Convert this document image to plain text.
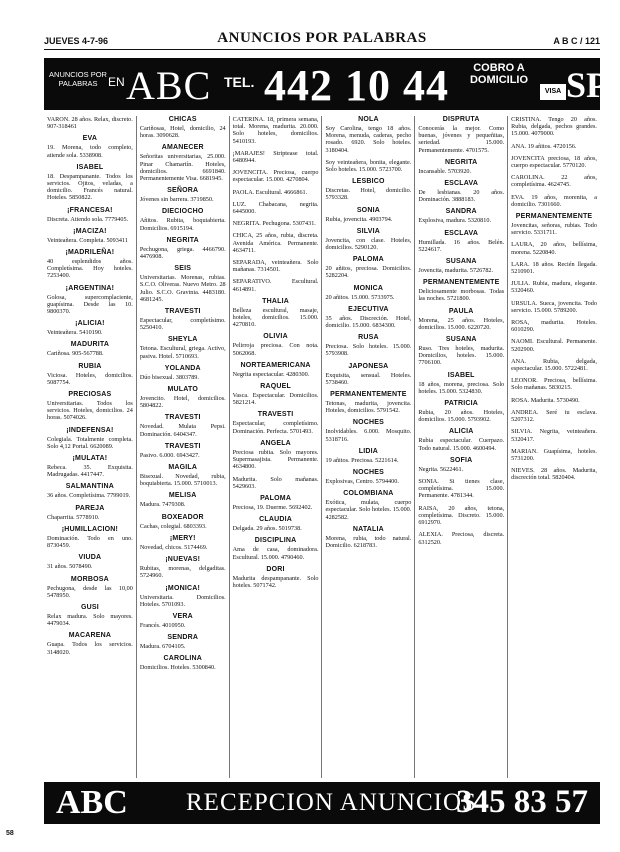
JUEVES 4-7-96	ANUNCIOS POR PALABRAS	A B C / 121
ANUNCIOS POR PALABRAS EN ABC TEL. 442 10 44	COBRO A DOMICILIO
VISA SP
VARON. 28 años. Relax, discreto. 907-318461
EVA
19. Morena, todo completo, atiende sola. 5338908.
ISABEL
18. Despampanante. Todos los servicios. Ojitos, veladas, a domicilio. Francés natural. Hoteles. 5850822.
¡FRANCESA!
Discreta. Atiendo sola. 7779405.
¡MACIZA!
Veinteañera. Completa. 5093411
¡MADRILEÑA!
40 esplendidos años. Completísima. Hoy hoteles. 7253400.
¡ARGENTINA!
Golosa, supercomplaciente, guapísima. Desde las 10. 9800370.
¡ALICIA!
Veinteañera. 5410190.
MADURITA
Cariñosa. 905-567788.
RUBIA
Viciosa. Hoteles, domicilios. 5087754.
PRECIOSAS
Universitarias. Todos los servicios. Hoteles, domicilios. 24 horas. 5074026.
¡INDEFENSA!
Colegiala. Totalmente completa. Solo 4,12 Portal. 6620089.
¡MULATA!
Rebeca. 35. Exquisita. Madrugadas. 4417447.
SALMANTINA
36 años. Completísima. 7799019.
PAREJA
Chaparrita. 5778910.
¡HUMILLACION!
Dominación. Todo en uno. 8730459.
VIUDA
31 años. 5078490.
MORBOSA
Pechugona, desde las 10,00 5478950.
GUSI
Relax madura. Solo mayores. 4479034.
MACARENA
Guapa. Todos los servicios. 3148020.
CHICAS
Cariñosas, Hotel, domicilio, 24 horas. 3090628.
AMANECER
Señoritas universitarias, 25.000. Pinar Chamartín. Hoteles, domicilios. 6691840. Permanentemente Visa. 6681945.
SEÑORA
Jóvenes sin barrera. 3719850.
DIECIOCHO
Añitos. Rubita, boquiabierta. Domicilios. 6915194.
NEGRITA
Pechugona, griega. 4466790. 4476908.
SEIS
Universitarias. Morenas, rubias. S.C.O. Oliveras. Nuevo Metro. 28 Julio. S.C.O. Gravinia. 4483180. 4681245.
TRAVESTI
Espectacular, completísimo. 5250410.
SHEYLA
Tetona. Escultural, griega. Activo, pasiva. Hotel. 5710693.
YOLANDA
Dúo bisexual. 3803789.
MULATO
Jovencito. Hotel, domicilios. 5804822.
TRAVESTI
Novedad. Mulata Pepsi. Dominación. 6404347.
TRAVESTI
Pasivo. 6.000. 6943427.
MAGILA
Bisexual. Novedad, rubia, boquiabierta. 15.000. 5710013.
MELISA
Madura. 7479308.
BOXEADOR
Cachas, colegial. 6803393.
¡MERY!
Novedad, chicos. 5174469.
¡NUEVAS!
Rubitas, morenas, delgaditas. 5724960.
¡MONICA!
Universitaria. Domicilios. Hoteles. 5701093.
VERA
Francés. 4010950.
SENDRA
Madura. 6704105.
CAROLINA
Domicilios. Hoteles. 5300840.
CATERINA. 18, primera semana, total. Morena, madurita. 20.000. Solo hoteles, domicilios. 5410193.
¡MARAJES! Striptease total. 6480944.
JOVENCITA. Preciosa, cuerpo espectacular. 15.000. 4270804.
PAOLA. Escultural. 4666861.
LUZ. Chabacana, negrita. 6445000.
NEGRITA. Pechugona. 5307431.
CHICA, 25 años, rubia, discreta. Avenida América. Permanente. 4634711.
SEPARADA, veinteañera. Solo mañanas. 7314501.
SEPARATIVO. Escultural. 4614891.
THALIA
Belleza escultural, masaje, hoteles, domicilios. 15.000. 4270810.
OLIVIA
Pelirroja preciosa. Con nota. 5062068.
NORTEAMERICANA
Negrita espectacular. 4280300.
RAQUEL
Vasca. Espectacular. Domicilios. 5821214.
TRAVESTI
Espectacular, completísimo. Dominación. Perfecta. 5701493.
ANGELA
Preciosa rubita. Solo mayores. Supermasajista. Permanente. 4634800.
Madurita. Solo mañanas. 5429603.
PALOMA
Preciosa, 19. Duerme. 5692402.
CLAUDIA
Delgada. 29 años. 5019738.
DISCIPLINA
Ama de casa, dominadora. Escultural. 15.000. 4790460.
DORI
Madurita despampanante. Solo hoteles. 5071742.
NOLA
Soy Carolina, tengo 18 años. Morena, menuda, caderas, pecho rosado. 6920. Solo hoteles. 3180404.
Soy veinteañera, bonita, elegante. Solo hoteles. 15.000. 5723700.
LESBICO
Discretas. Hotel, domicilio. 5793328.
SONIA
Rubia, jovencita. 4903794.
SILVIA
Jovencita, con clase. Hoteles, domicilios. 5290120.
PALOMA
20 añitos, preciosa. Domicilios. 5282204.
MONICA
20 añitos. 15.000. 5733975.
EJECUTIVA
35 años. Discreción. Hotel, domicilio. 15.000. 6834300.
RUSA
Preciosa. Solo hoteles. 15.000. 5793908.
JAPONESA
Exquisita, sensual. Hoteles. 5738460.
PERMANENTEMENTE
Tetonas, madurita, jovencita. Hoteles, domicilios. 5791542.
NOCHES
Inolvidables. 6.000. Mosquito. 5318716.
LIDIA
19 añitos. Preciosa. 5221614.
NOCHES
Explosivas, Centro. 5794400.
COLOMBIANA
Exótica, mulata, cuerpo espectacular. Solo hoteles. 15.000. 4282582.
NATALIA
Morena, rubia, todo natural. Domicilio. 6218783.
DISPRUTA
Conocerás la mejor. Como buenas, jóvenes y pequeñitas, seriedad. 15.000. Permanentemente. 4701575.
NEGRITA
Incansable. 5703920.
ESCLAVA
De lesbianas. 20 años. Dominación. 3888183.
SANDRA
Explosiva, madura. 5320810.
ESCLAVA
Humillada. 16 años. Belén. 5224617.
SUSANA
Jovencita, madurita. 5726782.
PERMANENTEMENTE
Deliciosamente morbosas. Todas las noches. 5721800.
PAULA
Morena, 25 años. Hoteles, domicilios. 15.000. 6220720.
SUSANA
Ruso. Tres hoteles, madurita. Domicilios, hoteles. 15.000. 7706100.
ISABEL
18 años, morena, preciosa. Solo hoteles. 15.000. 5324830.
PATRICIA
Rubia, 20 años. Hoteles, domicilios. 15.000. 5793902.
ALICIA
Rubia espectacular. Cuerpazo. Todo natural. 15.000. 4600494.
SOFIA
Negrita. 5622461.
SONIA. Si tienes clase, completísima. 15.000. Permanente. 4781344.
RAISA, 20 años, tetona, completísima. Discreto. 15.000. 6912970.
ALEXIA. Preciosa, discreta. 6312520.
CRISTINA. Tengo 20 años. Rubia, delgada, pechos grandes. 15.000. 4079000.
ANA. 19 añitos. 4720156.
JOVENCITA preciosa, 18 años, cuerpo espectacular. 5770120.
CAROLINA. 22 años, completísima. 4624745.
EVA. 19 años, morenita, a domicilio. 7301660.
PERMANENTEMENTE
Jovencitas, señoras, rubias. Todo servicio. 5331711.
LAURA, 20 años, bellísima, morena. 5220840.
LARA. 18 años. Recién llegada. 5210901.
JULIA. Rubia, madura, elegante. 5320460.
URSULA. Sueca, jovencita. Todo servicio. 15.000. 5789200.
ROSA, madurita. Hoteles. 6010290.
NAOMI. Escultural. Permanente. 5202900.
ANA. Rubia, delgada, espectacular. 15.000. 5722481.
LEONOR. Preciosa, bellísima. Solo mañanas. 5830215.
ROSA. Madurita. 5730490.
ANDREA. Seré tu esclava. 5207312.
SILVIA. Negrita, veinteañera. 5320417.
MARIAN. Guapísima, hoteles. 5731200.
NIEVES. 28 años. Madurita, discreción total. 5820404.
ABC RECEPCION ANUNCIOS
345 83 57
58
